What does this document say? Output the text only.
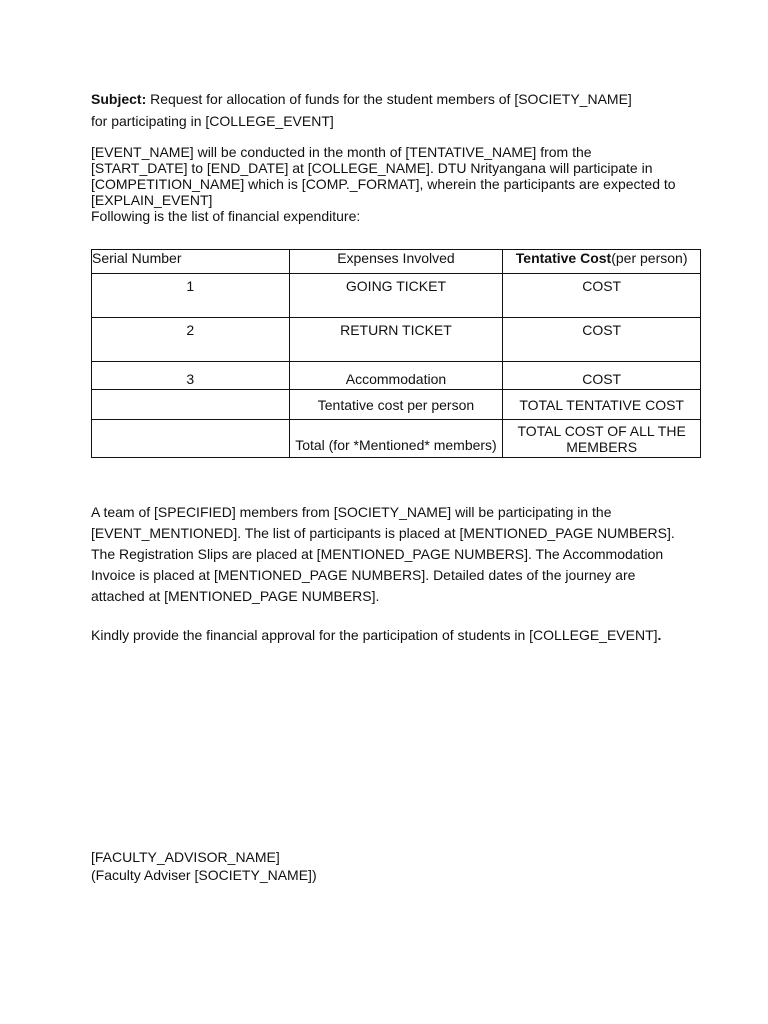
Subject: Request for allocation of funds for the student members of [SOCIETY_NAME] for participating in [COLLEGE_EVENT]

[EVENT_NAME] will be conducted in the month of [TENTATIVE_NAME] from the

[START_DATE] to [END_DATE] at [COLLEGE_NAME]. DTU Nrityangana will participate in

[COMPETITION_NAME] which is [COMP._FORMAT], wherein the participants are expected to

[EXPLAIN_EVENT]

Following is the list of financial expenditure:

Serial Number	Expenses Involved	Tentative Cost(per person)
1	GOING TICKET	COST
2	RETURN TICKET	COST
3	Accommodation	COST
	Tentative cost per person	TOTAL TENTATIVE COST
	Total (for *Mentioned* members)	TOTAL COST OF ALL THE
MEMBERS
A team of [SPECIFIED] members from [SOCIETY_NAME] will be participating in the
[EVENT_MENTIONED]. The list of participants is placed at [MENTIONED_PAGE NUMBERS].
The Registration Slips are placed at [MENTIONED_PAGE NUMBERS]. The Accommodation
Invoice is placed at [MENTIONED_PAGE NUMBERS]. Detailed dates of the journey are
attached at [MENTIONED_PAGE NUMBERS].

Kindly provide the financial approval for the participation of students in [COLLEGE_EVENT].

[FACULTY_ADVISOR_NAME]
(Faculty Adviser [SOCIETY_NAME])
